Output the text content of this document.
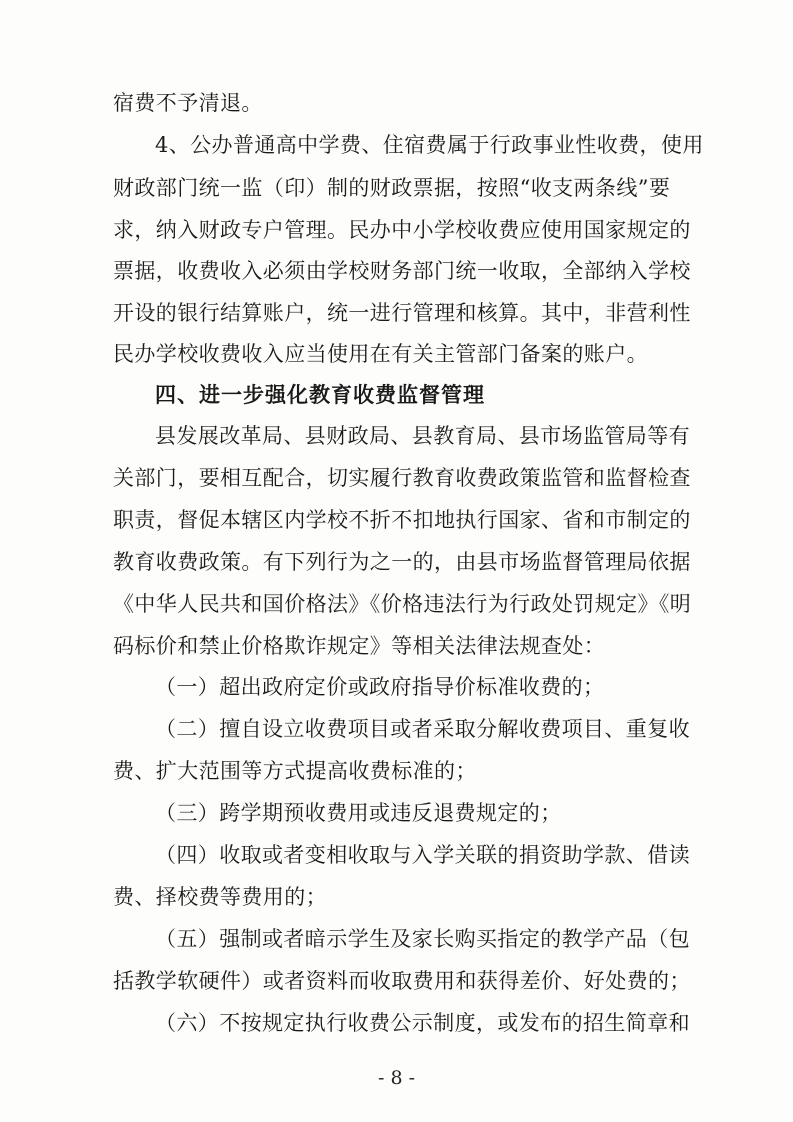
宿费不予清退。
4、公办普通高中学费、住宿费属于行政事业性收费，使用
财政部门统一监（印）制的财政票据，按照“收支两条线”要
求，纳入财政专户管理。民办中小学校收费应使用国家规定的
票据，收费收入必须由学校财务部门统一收取，全部纳入学校
开设的银行结算账户，统一进行管理和核算。其中，非营利性
民办学校收费收入应当使用在有关主管部门备案的账户。
四、进一步强化教育收费监督管理
县发展改革局、县财政局、县教育局、县市场监管局等有
关部门，要相互配合，切实履行教育收费政策监管和监督检查
职责，督促本辖区内学校不折不扣地执行国家、省和市制定的
教育收费政策。有下列行为之一的，由县市场监督管理局依据
《中华人民共和国价格法》《价格违法行为行政处罚规定》《明
码标价和禁止价格欺诈规定》等相关法律法规查处：
（一）超出政府定价或政府指导价标准收费的；
（二）擅自设立收费项目或者采取分解收费项目、重复收
费、扩大范围等方式提高收费标准的；
（三）跨学期预收费用或违反退费规定的；
（四）收取或者变相收取与入学关联的捐资助学款、借读
费、择校费等费用的；
（五）强制或者暗示学生及家长购买指定的教学产品（包
括教学软硬件）或者资料而收取费用和获得差价、好处费的；
（六）不按规定执行收费公示制度，或发布的招生简章和
- 8 -
